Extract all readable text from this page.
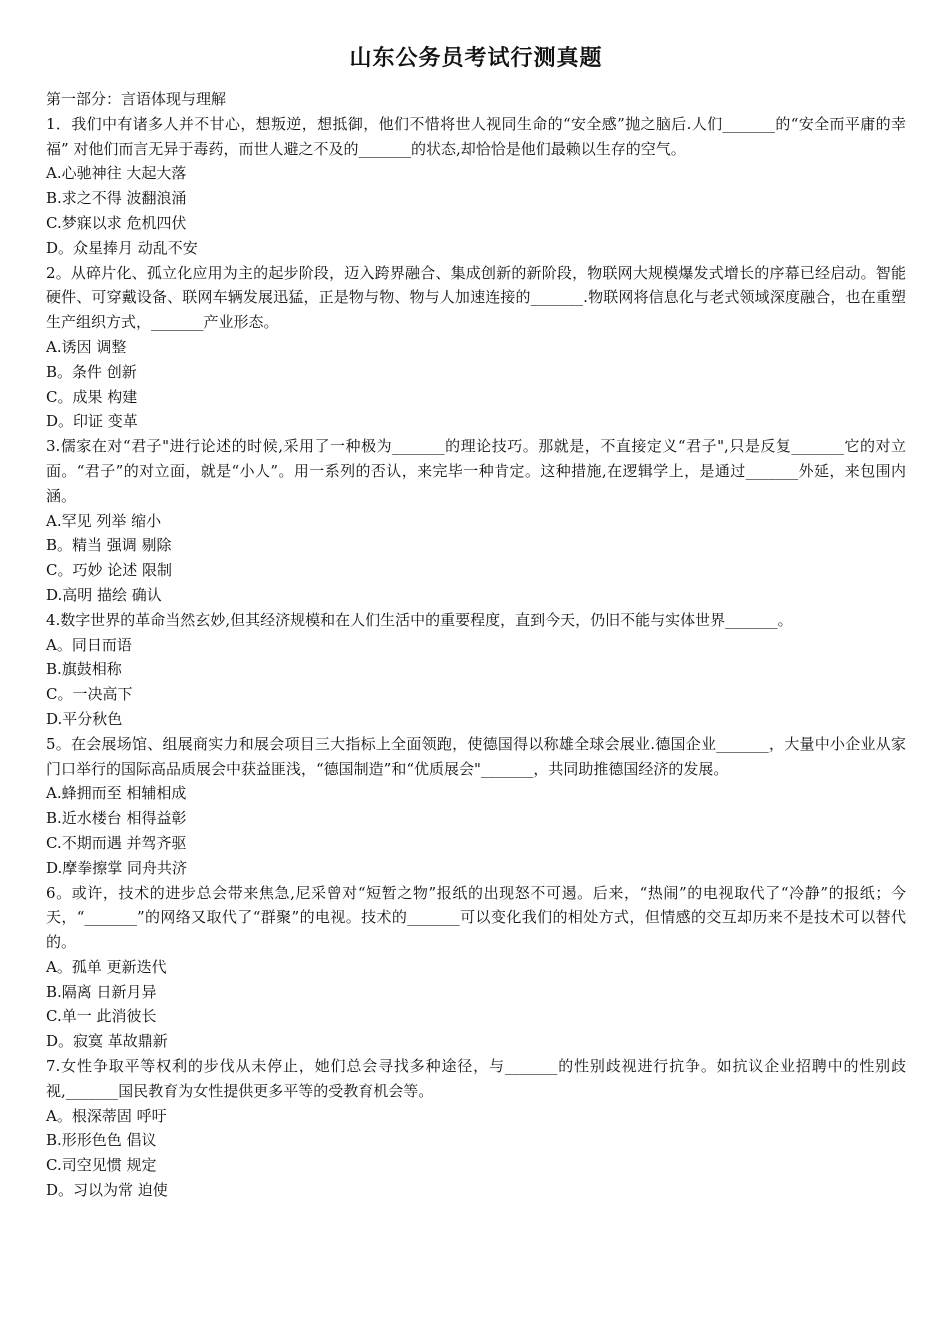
山东公务员考试行测真题
第一部分：言语体现与理解
1．我们中有诸多人并不甘心，想叛逆，想抵御，他们不惜将世人视同生命的“安全感”抛之脑后.人们_______的“安全而平庸的幸福” 对他们而言无异于毒药，而世人避之不及的_______的状态,却恰恰是他们最赖以生存的空气。
A.心驰神往 大起大落
B.求之不得 波翻浪涌
C.梦寐以求 危机四伏
D。众星捧月 动乱不安
2。从碎片化、孤立化应用为主的起步阶段，迈入跨界融合、集成创新的新阶段，物联网大规模爆发式增长的序幕已经启动。智能硬件、可穿戴设备、联网车辆发展迅猛，正是物与物、物与人加速连接的_______.物联网将信息化与老式领域深度融合，也在重塑生产组织方式，_______产业形态。
A.诱因 调整
B。条件 创新
C。成果 构建
D。印证 变革
3.儒家在对“君子"进行论述的时候,采用了一种极为_______的理论技巧。那就是，不直接定义“君子",只是反复_______它的对立面。“君子”的对立面，就是“小人”。用一系列的否认，来完毕一种肯定。这种措施,在逻辑学上，是通过_______外延，来包围内涵。
A.罕见 列举 缩小
B。精当 强调 剔除
C。巧妙 论述 限制
D.高明 描绘 确认
4.数字世界的革命当然玄妙,但其经济规模和在人们生活中的重要程度，直到今天，仍旧不能与实体世界_______。
A。同日而语
B.旗鼓相称
C。一决高下
D.平分秋色
5。在会展场馆、组展商实力和展会项目三大指标上全面领跑，使德国得以称雄全球会展业.德国企业_______，大量中小企业从家门口举行的国际高品质展会中获益匪浅，“德国制造”和“优质展会"_______，共同助推德国经济的发展。
A.蜂拥而至 相辅相成
B.近水楼台 相得益彰
C.不期而遇 并驾齐驱
D.摩拳擦掌 同舟共济
6。或许，技术的进步总会带来焦急,尼采曾对“短暂之物”报纸的出现怒不可遏。后来，“热闹”的电视取代了“冷静”的报纸；今天，“_______”的网络又取代了“群聚”的电视。技术的_______可以变化我们的相处方式，但情感的交互却历来不是技术可以替代的。
A。孤单 更新迭代
B.隔离 日新月异
C.单一 此消彼长
D。寂寞 革故鼎新
7.女性争取平等权利的步伐从未停止，她们总会寻找多种途径，与_______的性别歧视进行抗争。如抗议企业招聘中的性别歧视,_______国民教育为女性提供更多平等的受教育机会等。
A。根深蒂固 呼吁
B.形形色色 倡议
C.司空见惯 规定
D。习以为常 迫使
